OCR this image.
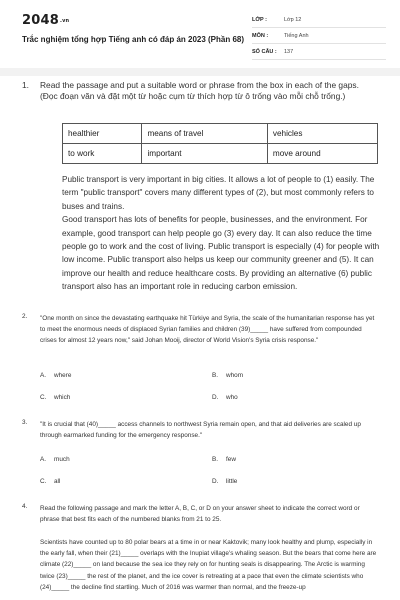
2048.vn
Trắc nghiệm tổng hợp Tiếng anh có đáp án 2023 (Phần 68)
LỚP :	Lớp 12
MÔN :	Tiếng Anh
SỐ CÂU :	137
1. Read the passage and put a suitable word or phrase from the box in each of the gaps. (Đọc đoạn văn và đặt một từ hoặc cụm từ thích hợp từ ô trống vào mỗi chỗ trống.)
healthier	means of travel	vehicles
to work	important	move around
Public transport is very important in big cities. It allows a lot of people to (1) easily. The term "public transport" covers many different types of (2), but most commonly refers to buses and trains.
Good transport has lots of benefits for people, businesses, and the environment. For example, good transport can help people go (3) every day. It can also reduce the time people go to work and the cost of living. Public transport is especially (4) for people with low income. Public transport also helps us keep our community greener and (5). It can improve our health and reduce healthcare costs. By providing an alternative (6) public transport also has an important role in reducing carbon emission.
2. "One month on since the devastating earthquake hit Türkiye and Syria, the scale of the humanitarian response has yet to meet the enormous needs of displaced Syrian families and children (39)_____ have suffered from compounded crises for almost 12 years now," said Johan Mooij, director of World Vision's Syria crisis response."
A. where	B. whom
C. which	D. who
3. "It is crucial that (40)_____ access channels to northwest Syria remain open, and that aid deliveries are scaled up through earmarked funding for the emergency response."
A. much	B. few
C. all	D. little
4. Read the following passage and mark the letter A, B, C, or D on your answer sheet to indicate the correct word or phrase that best fits each of the numbered blanks from 21 to 25.
Scientists have counted up to 80 polar bears at a time in or near Kaktovik; many look healthy and plump, especially in the early fall, when their (21)_____ overlaps with the Inupiat village's whaling season. But the bears that come here are climate (22)_____ on land because the sea ice they rely on for hunting seals is disappearing. The Arctic is warming twice (23)_____ the rest of the planet, and the ice cover is retreating at a pace that even the climate scientists who (24)_____ the decline find startling. Much of 2016 was warmer than normal, and the freeze-up
